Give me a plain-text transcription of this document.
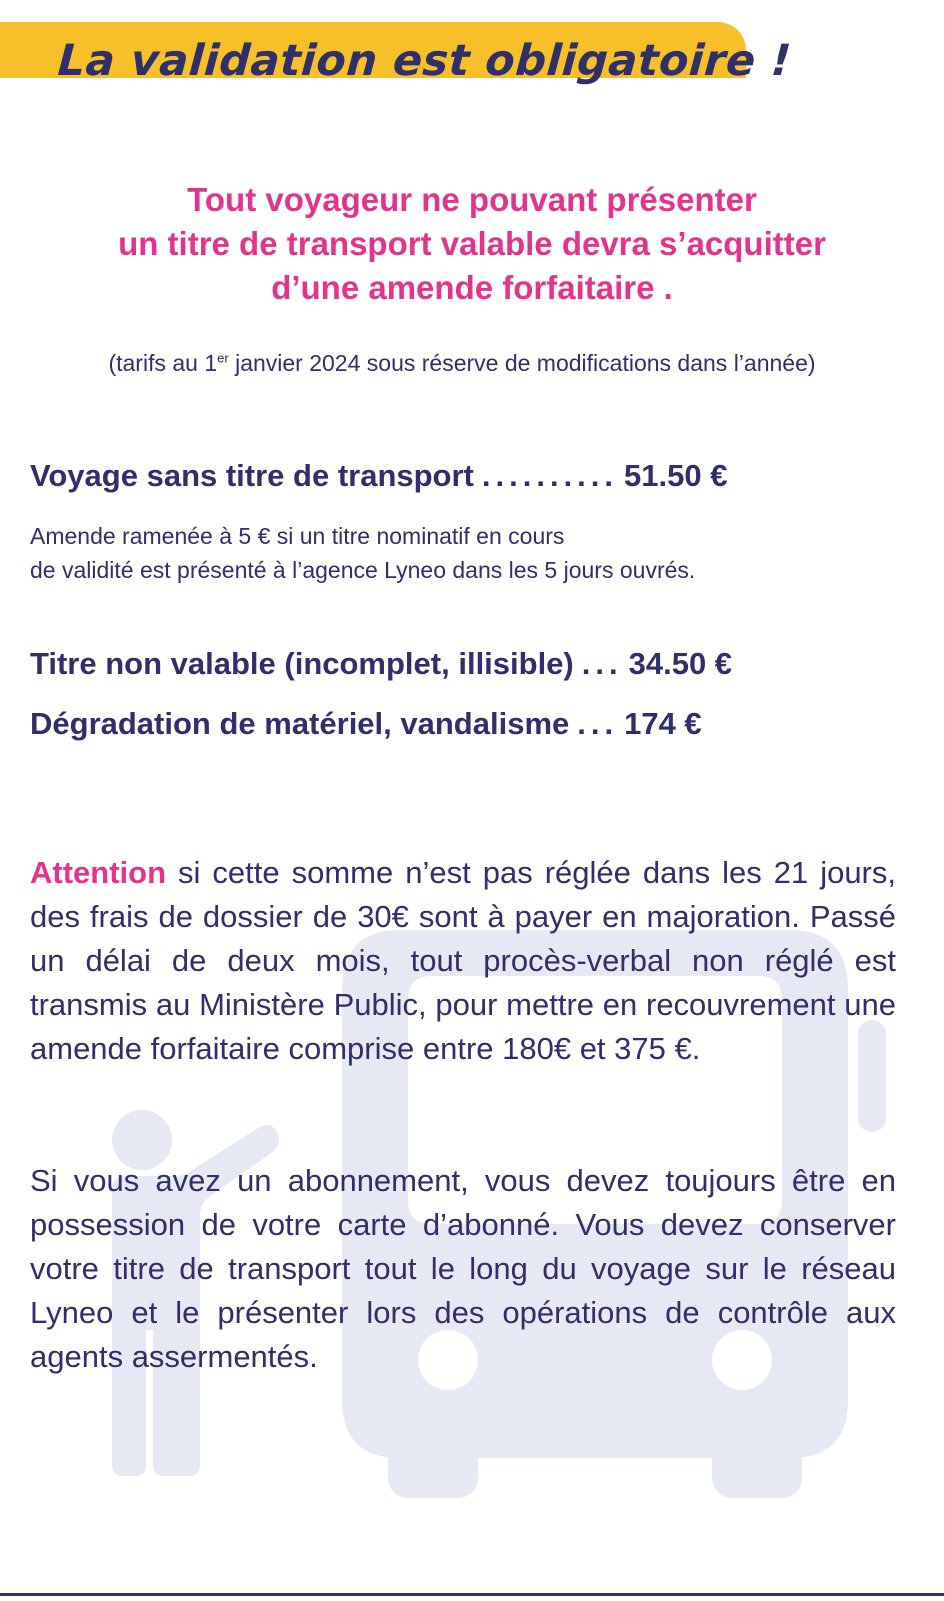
La validation est obligatoire !
Tout voyageur ne pouvant présenter
un titre de transport valable devra s’acquitter
d’une amende forfaitaire .
(tarifs au 1er janvier 2024 sous réserve de modifications dans l’année)
Voyage sans titre de transport .......... 51.50 €
Amende ramenée à 5 € si un titre nominatif en cours
de validité est présenté à l’agence Lyneo dans les 5 jours ouvrés.
Titre non valable (incomplet, illisible) ... 34.50 €
Dégradation de matériel, vandalisme ... 174 €
Attention si cette somme n’est pas réglée dans les 21 jours, des frais de dossier de 30€ sont à payer en majoration. Passé un délai de deux mois, tout procès-verbal non réglé est transmis au Ministère Public, pour mettre en recouvrement une amende forfaitaire comprise entre 180€ et 375 €.
Si vous avez un abonnement, vous devez toujours être en possession de votre carte d’abonné. Vous devez conserver votre titre de transport tout le long du voyage sur le réseau Lyneo et le présenter lors des opérations de contrôle aux agents assermentés.
